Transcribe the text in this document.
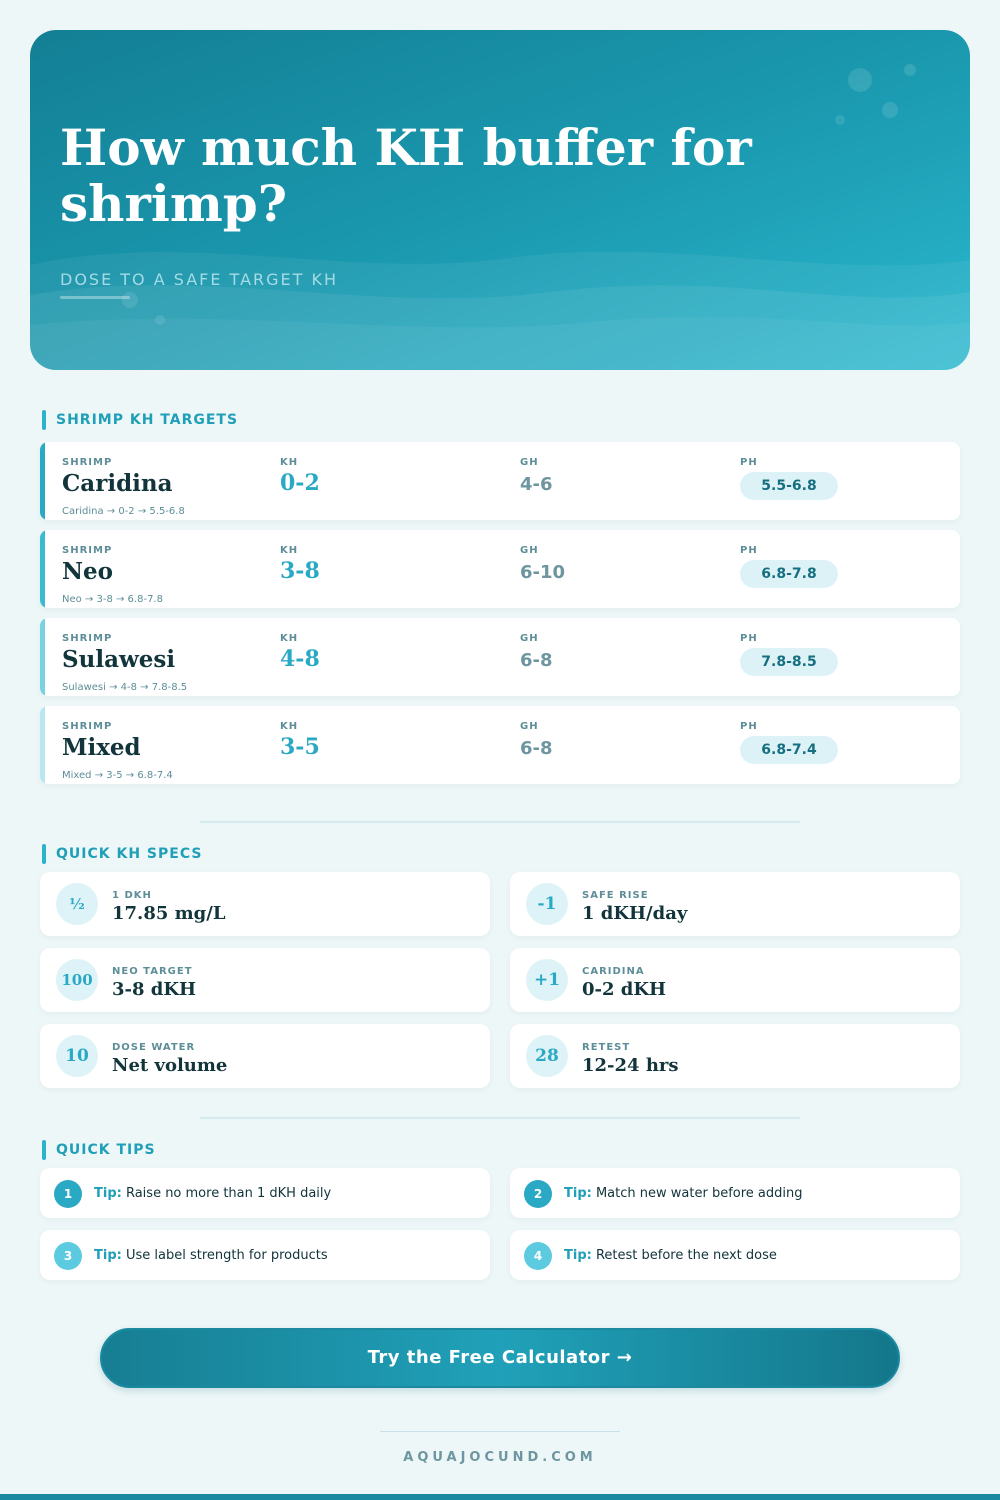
How much KH buffer for shrimp?
DOSE TO A SAFE TARGET KH
SHRIMP KH TARGETS
SHRIMP
Caridina
KH
0-2
GH
4-6
PH
5.5-6.8
Caridina → 0-2 → 5.5-6.8
SHRIMP
Neo
KH
3-8
GH
6-10
PH
6.8-7.8
Neo → 3-8 → 6.8-7.8
SHRIMP
Sulawesi
KH
4-8
GH
6-8
PH
7.8-8.5
Sulawesi → 4-8 → 7.8-8.5
SHRIMP
Mixed
KH
3-5
GH
6-8
PH
6.8-7.4
Mixed → 3-5 → 6.8-7.4
QUICK KH SPECS
½	1 DKH
17.85 mg/L	-1	SAFE RISE
1 dKH/day
100	NEO TARGET
3-8 dKH	+1	CARIDINA
0-2 dKH
10	DOSE WATER
Net volume	28	RETEST
12-24 hrs
QUICK TIPS
1	Tip: Raise no more than 1 dKH daily	2	Tip: Match new water before adding
3	Tip: Use label strength for products	4	Tip: Retest before the next dose
Try the Free Calculator →
AQUAJOCUND.COM
